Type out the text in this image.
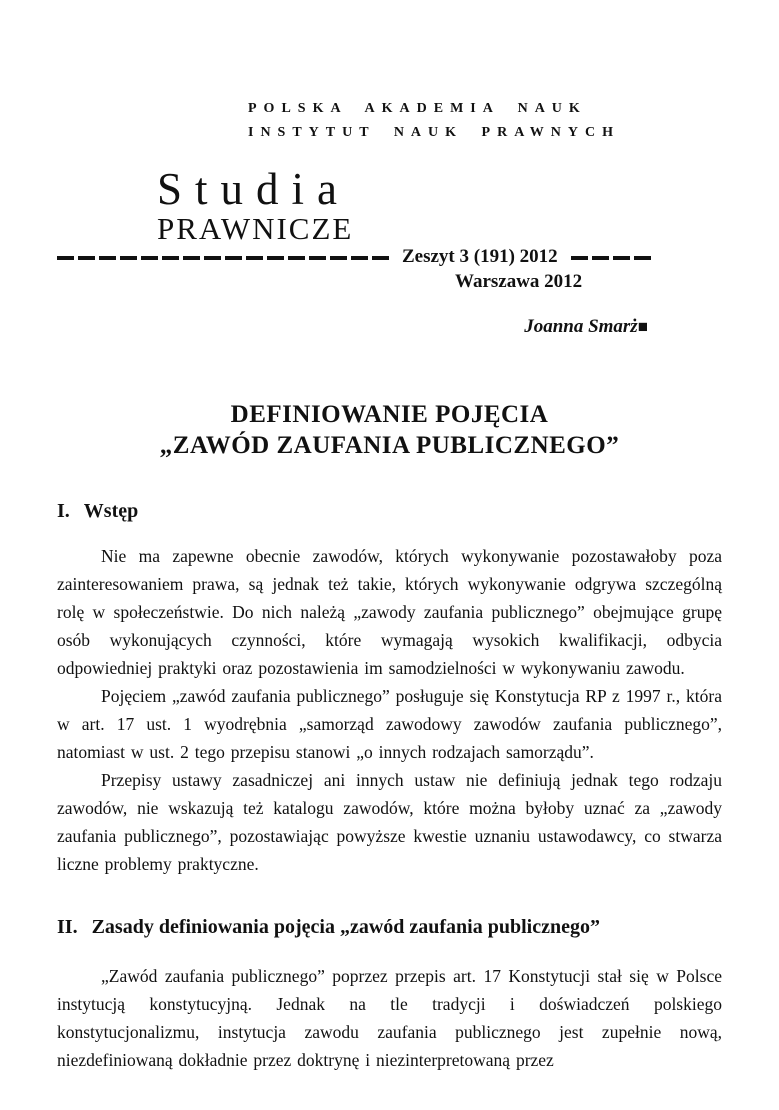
POLSKA AKADEMIA NAUK
INSTYTUT NAUK PRAWNYCH
Studia
PRAWNICZE
Zeszyt 3 (191) 2012
Warszawa 2012
Joanna Smarż■
DEFINIOWANIE POJĘCIA
„ZAWÓD ZAUFANIA PUBLICZNEGO”
I. Wstęp

Nie ma zapewne obecnie zawodów, których wykonywanie pozostawałoby poza zainteresowaniem prawa, są jednak też takie, których wykonywanie odgrywa szczególną rolę w społeczeństwie. Do nich należą „zawody zaufania publicznego” obejmujące grupę osób wykonujących czynności, które wymagają wysokich kwalifikacji, odbycia odpowiedniej praktyki oraz pozostawienia im samodzielności w wykonywaniu zawodu.

Pojęciem „zawód zaufania publicznego” posługuje się Konstytucja RP z 1997 r., która w art. 17 ust. 1 wyodrębnia „samorząd zawodowy zawodów zaufania publicznego”, natomiast w ust. 2 tego przepisu stanowi „o innych rodzajach samorządu”.

Przepisy ustawy zasadniczej ani innych ustaw nie definiują jednak tego rodzaju zawodów, nie wskazują też katalogu zawodów, które można byłoby uznać za „zawody zaufania publicznego”, pozostawiając powyższe kwestie uznaniu ustawodawcy, co stwarza liczne problemy praktyczne.

II. Zasady definiowania pojęcia „zawód zaufania publicznego”

„Zawód zaufania publicznego” poprzez przepis art. 17 Konstytucji stał się w Polsce instytucją konstytucyjną. Jednak na tle tradycji i doświadczeń polskiego konstytucjonalizmu, instytucja zawodu zaufania publicznego jest zupełnie nową, niezdefiniowaną dokładnie przez doktrynę i niezinterpretowaną przez
